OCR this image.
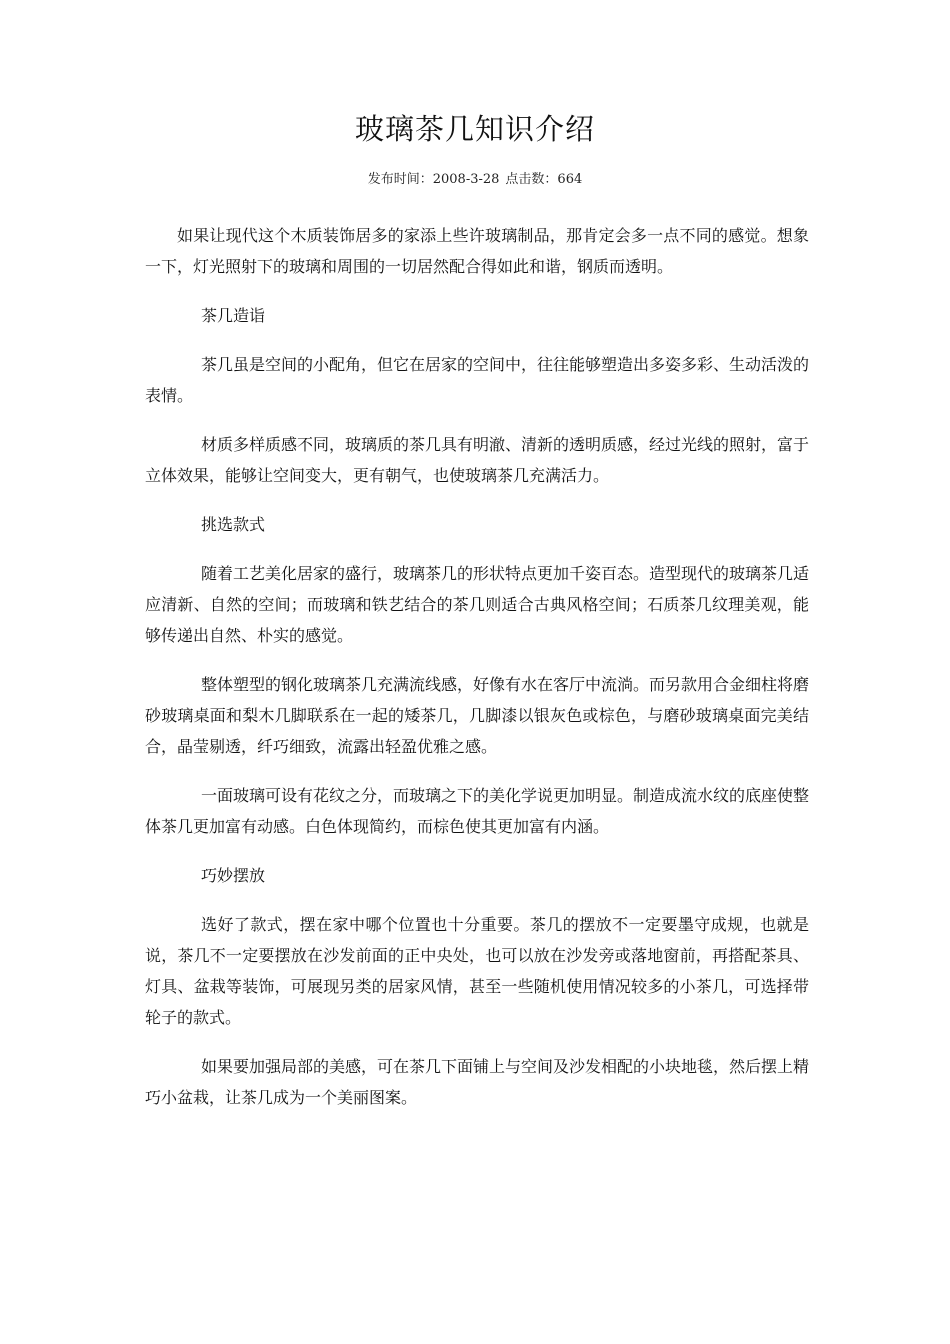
玻璃茶几知识介绍
发布时间：2008-3-28 点击数：664

如果让现代这个木质装饰居多的家添上些许玻璃制品，那肯定会多一点不同的感觉。想象一下，灯光照射下的玻璃和周围的一切居然配合得如此和谐，钢质而透明。

茶几造诣

茶几虽是空间的小配角，但它在居家的空间中，往往能够塑造出多姿多彩、生动活泼的表情。

材质多样质感不同，玻璃质的茶几具有明澈、清新的透明质感，经过光线的照射，富于立体效果，能够让空间变大，更有朝气，也使玻璃茶几充满活力。

挑选款式

随着工艺美化居家的盛行，玻璃茶几的形状特点更加千姿百态。造型现代的玻璃茶几适应清新、自然的空间；而玻璃和铁艺结合的茶几则适合古典风格空间；石质茶几纹理美观，能够传递出自然、朴实的感觉。

整体塑型的钢化玻璃茶几充满流线感，好像有水在客厅中流淌。而另款用合金细柱将磨砂玻璃桌面和梨木几脚联系在一起的矮茶几，几脚漆以银灰色或棕色，与磨砂玻璃桌面完美结合，晶莹剔透，纤巧细致，流露出轻盈优雅之感。

一面玻璃可设有花纹之分，而玻璃之下的美化学说更加明显。制造成流水纹的底座使整体茶几更加富有动感。白色体现简约，而棕色使其更加富有内涵。

巧妙摆放

选好了款式，摆在家中哪个位置也十分重要。茶几的摆放不一定要墨守成规，也就是说，茶几不一定要摆放在沙发前面的正中央处，也可以放在沙发旁或落地窗前，再搭配茶具、灯具、盆栽等装饰，可展现另类的居家风情，甚至一些随机使用情况较多的小茶几，可选择带轮子的款式。

如果要加强局部的美感，可在茶几下面铺上与空间及沙发相配的小块地毯，然后摆上精巧小盆栽，让茶几成为一个美丽图案。
